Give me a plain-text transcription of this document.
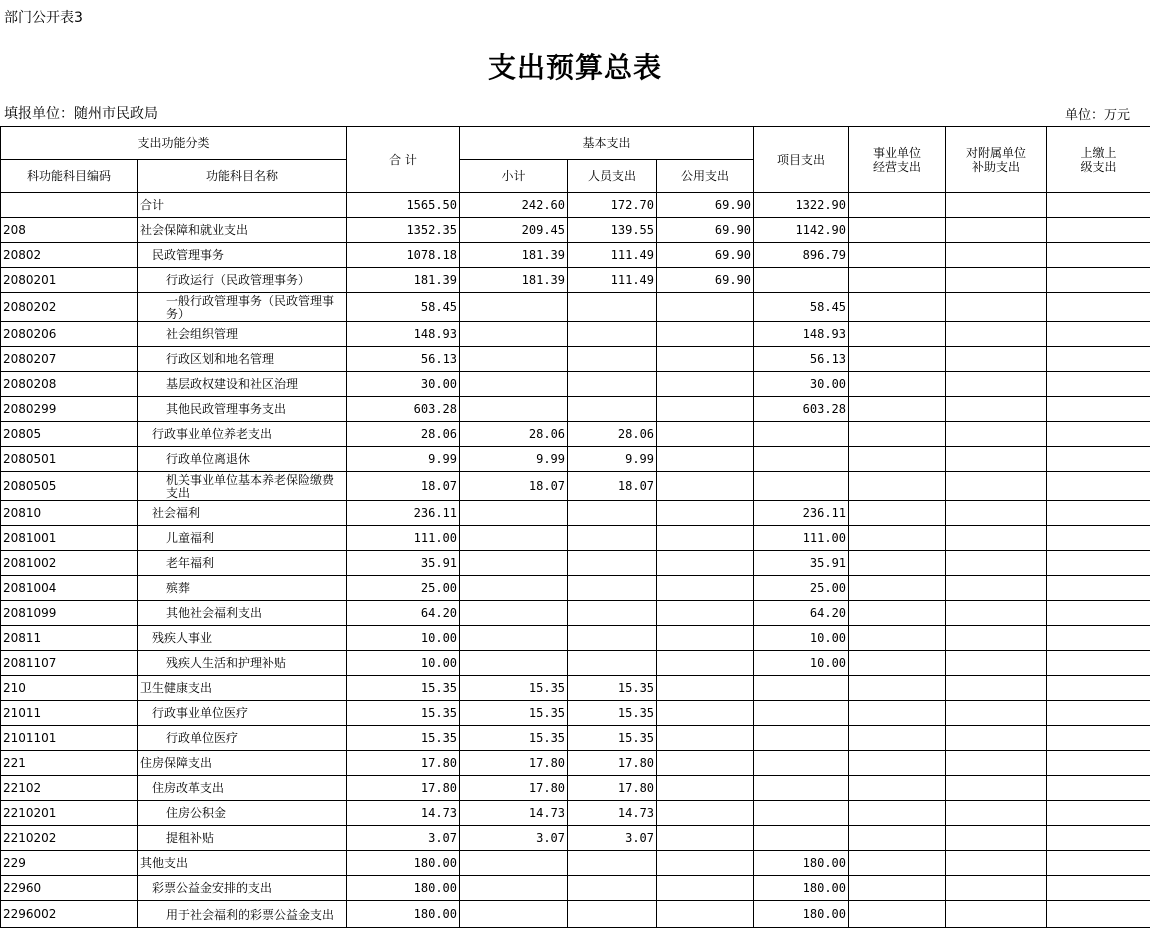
部门公开表3
支出预算总表
填报单位：随州市民政局	单位：万元
支出功能分类		合 计	基本支出			项目支出	事业单位经营支出	对附属单位补助支出	上缴上级支出
科功能科目编码	功能科目名称		小计	人员支出	公用支出				
	合计	1565.50	242.60	172.70	69.90	1322.90			
208	社会保障和就业支出	1352.35	209.45	139.55	69.90	1142.90			
20802	民政管理事务	1078.18	181.39	111.49	69.90	896.79			
2080201	行政运行（民政管理事务）	181.39	181.39	111.49	69.90				
2080202	一般行政管理事务（民政管理事务）	58.45				58.45			
2080206	社会组织管理	148.93				148.93			
2080207	行政区划和地名管理	56.13				56.13			
2080208	基层政权建设和社区治理	30.00				30.00			
2080299	其他民政管理事务支出	603.28				603.28			
20805	行政事业单位养老支出	28.06	28.06	28.06					
2080501	行政单位离退休	9.99	9.99	9.99					
2080505	机关事业单位基本养老保险缴费支出	18.07	18.07	18.07					
20810	社会福利	236.11				236.11			
2081001	儿童福利	111.00				111.00			
2081002	老年福利	35.91				35.91			
2081004	殡葬	25.00				25.00			
2081099	其他社会福利支出	64.20				64.20			
20811	残疾人事业	10.00				10.00			
2081107	残疾人生活和护理补贴	10.00				10.00			
210	卫生健康支出	15.35	15.35	15.35					
21011	行政事业单位医疗	15.35	15.35	15.35					
2101101	行政单位医疗	15.35	15.35	15.35					
221	住房保障支出	17.80	17.80	17.80					
22102	住房改革支出	17.80	17.80	17.80					
2210201	住房公积金	14.73	14.73	14.73					
2210202	提租补贴	3.07	3.07	3.07					
229	其他支出	180.00				180.00			
22960	彩票公益金安排的支出	180.00				180.00			
2296002	用于社会福利的彩票公益金支出	180.00				180.00			
